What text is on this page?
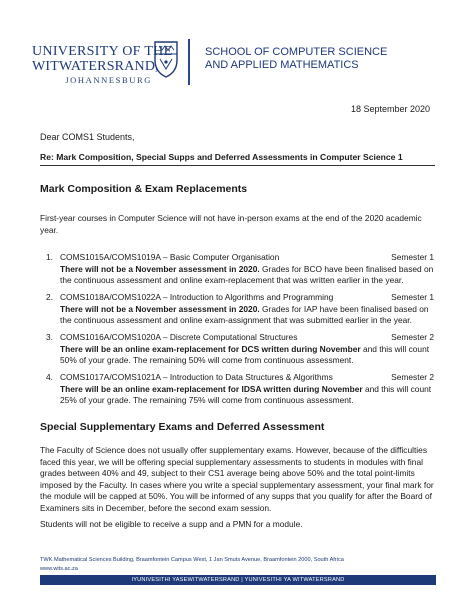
UNIVERSITY OF THE
WITWATERSRAND,
JOHANNESBURG
SCHOOL OF COMPUTER SCIENCE
AND APPLIED MATHEMATICS
18 September 2020
Dear COMS1 Students,
Re: Mark Composition, Special Supps and Deferred Assessments in Computer Science 1
Mark Composition & Exam Replacements
First-year courses in Computer Science will not have in-person exams at the end of the 2020 academic year.
1. COMS1015A/COMS1019A – Basic Computer Organisation	Semester 1
There will not be a November assessment in 2020. Grades for BCO have been finalised based on the continuous assessment and online exam-replacement that was written earlier in the year.
2. COMS1018A/COMS1022A – Introduction to Algorithms and Programming	Semester 1
There will not be a November assessment in 2020. Grades for IAP have been finalised based on the continuous assessment and online exam-assignment that was submitted earlier in the year.
3. COMS1016A/COMS1020A – Discrete Computational Structures	Semester 2
There will be an online exam-replacement for DCS written during November and this will count 50% of your grade. The remaining 50% will come from continuous assessment.
4. COMS1017A/COMS1021A – Introduction to Data Structures & Algorithms	Semester 2
There will be an online exam-replacement for IDSA written during November and this will count 25% of your grade. The remaining 75% will come from continuous assessment.
Special Supplementary Exams and Deferred Assessment
The Faculty of Science does not usually offer supplementary exams. However, because of the difficulties faced this year, we will be offering special supplementary assessments to students in modules with final grades between 40% and 49, subject to their CS1 average being above 50% and the total point-limits imposed by the Faculty. In cases where you write a special supplementary assessment, your final mark for the module will be capped at 50%. You will be informed of any supps that you qualify for after the Board of Examiners sits in December, before the second exam session.
Students will not be eligible to receive a supp and a PMN for a module.
TWK Mathematical Sciences Building, Braamfontein Campus West, 1 Jan Smuts Avenue, Braamfontein 2000, South Africa
www.wits.ac.za
IYUNIVESITHI YASEWITWATERSRAND | YUNIVESITHI YA WITWATERSRAND
